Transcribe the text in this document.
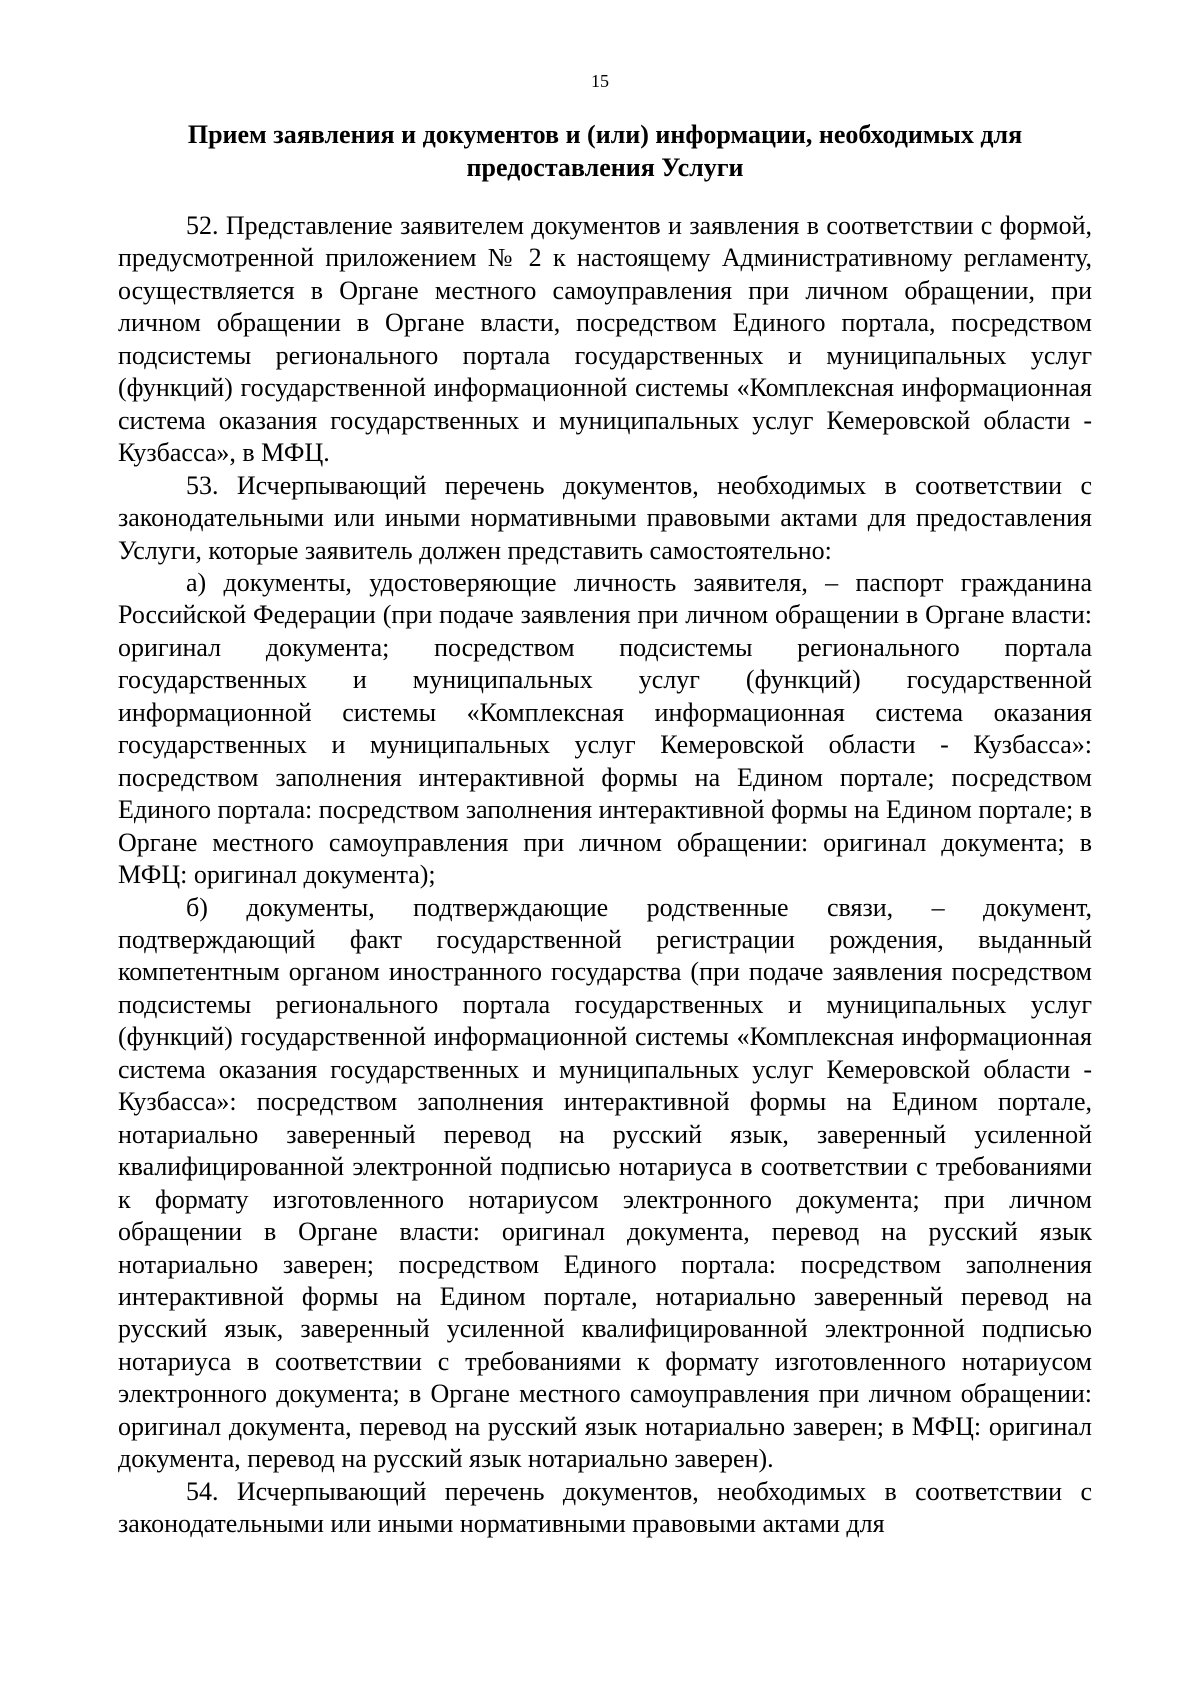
15
Прием заявления и документов и (или) информации, необходимых для предоставления Услуги

52. Представление заявителем документов и заявления в соответствии с формой, предусмотренной приложением № 2 к настоящему Административному регламенту, осуществляется в Органе местного самоуправления при личном обращении, при личном обращении в Органе власти, посредством Единого портала, посредством подсистемы регионального портала государственных и муниципальных услуг (функций) государственной информационной системы «Комплексная информационная система оказания государственных и муниципальных услуг Кемеровской области - Кузбасса», в МФЦ.

53. Исчерпывающий перечень документов, необходимых в соответствии с законодательными или иными нормативными правовыми актами для предоставления Услуги, которые заявитель должен представить самостоятельно:

а) документы, удостоверяющие личность заявителя, – паспорт гражданина Российской Федерации (при подаче заявления при личном обращении в Органе власти: оригинал документа; посредством подсистемы регионального портала государственных и муниципальных услуг (функций) государственной информационной системы «Комплексная информационная система оказания государственных и муниципальных услуг Кемеровской области - Кузбасса»: посредством заполнения интерактивной формы на Едином портале; посредством Единого портала: посредством заполнения интерактивной формы на Едином портале; в Органе местного самоуправления при личном обращении: оригинал документа; в МФЦ: оригинал документа);

б) документы, подтверждающие родственные связи, – документ, подтверждающий факт государственной регистрации рождения, выданный компетентным органом иностранного государства (при подаче заявления посредством подсистемы регионального портала государственных и муниципальных услуг (функций) государственной информационной системы «Комплексная информационная система оказания государственных и муниципальных услуг Кемеровской области - Кузбасса»: посредством заполнения интерактивной формы на Едином портале, нотариально заверенный перевод на русский язык, заверенный усиленной квалифицированной электронной подписью нотариуса в соответствии с требованиями к формату изготовленного нотариусом электронного документа; при личном обращении в Органе власти: оригинал документа, перевод на русский язык нотариально заверен; посредством Единого портала: посредством заполнения интерактивной формы на Едином портале, нотариально заверенный перевод на русский язык, заверенный усиленной квалифицированной электронной подписью нотариуса в соответствии с требованиями к формату изготовленного нотариусом электронного документа; в Органе местного самоуправления при личном обращении: оригинал документа, перевод на русский язык нотариально заверен; в МФЦ: оригинал документа, перевод на русский язык нотариально заверен).

54. Исчерпывающий перечень документов, необходимых в соответствии с законодательными или иными нормативными правовыми актами для
